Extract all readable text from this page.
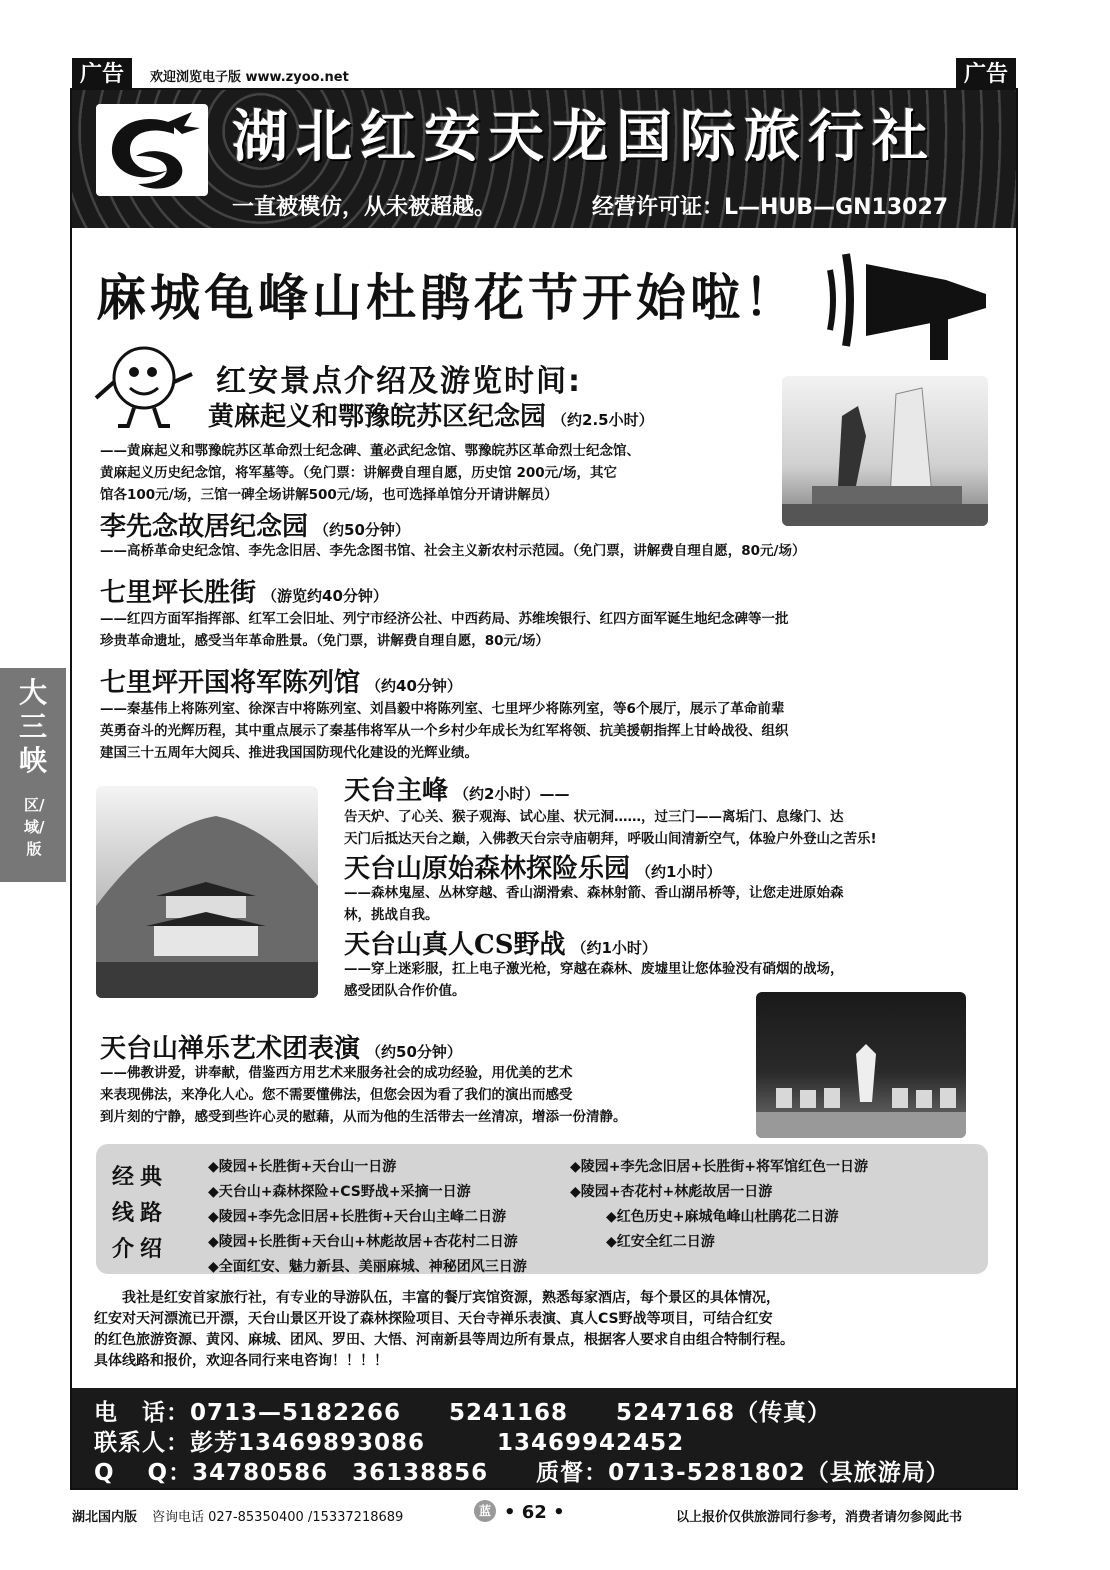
广告	欢迎浏览电子版 www.zyoo.net	广告
湖北红安天龙国际旅行社
一直被模仿，从未被超越。	经营许可证：L—HUB—GN13027
麻城龟峰山杜鹃花节开始啦！
红安景点介绍及游览时间:
黄麻起义和鄂豫皖苏区纪念园 （约2.5小时）
——黄麻起义和鄂豫皖苏区革命烈士纪念碑、董必武纪念馆、鄂豫皖苏区革命烈士纪念馆、
黄麻起义历史纪念馆，将军墓等。（免门票：讲解费自理自愿，历史馆 200元/场，其它
馆各100元/场，三馆一碑全场讲解500元/场，也可选择单馆分开请讲解员）
李先念故居纪念园 （约50分钟）
——高桥革命史纪念馆、李先念旧居、李先念图书馆、社会主义新农村示范园。（免门票，讲解费自理自愿，80元/场）
七里坪长胜街 （游览约40分钟）
——红四方面军指挥部、红军工会旧址、列宁市经济公社、中西药局、苏维埃银行、红四方面军诞生地纪念碑等一批
珍贵革命遗址，感受当年革命胜景。（免门票，讲解费自理自愿，80元/场）
七里坪开国将军陈列馆 （约40分钟）
——秦基伟上将陈列室、徐深吉中将陈列室、刘昌毅中将陈列室、七里坪少将陈列室，等6个展厅，展示了革命前辈
英勇奋斗的光辉历程，其中重点展示了秦基伟将军从一个乡村少年成长为红军将领、抗美援朝指挥上甘岭战役、组织
建国三十五周年大阅兵、推进我国国防现代化建设的光辉业绩。
天台主峰 （约2小时）——
告天炉、了心关、猴子观海、试心崖、状元洞……，过三门——离垢门、息缘门、达
天门后抵达天台之巅，入佛教天台宗寺庙朝拜，呼吸山间清新空气，体验户外登山之苦乐!
天台山原始森林探险乐园 （约1小时）
——森林鬼屋、丛林穿越、香山湖滑索、森林射箭、香山湖吊桥等，让您走进原始森
林，挑战自我。
天台山真人CS野战 （约1小时）
——穿上迷彩服，扛上电子激光枪，穿越在森林、废墟里让您体验没有硝烟的战场，
感受团队合作价值。
天台山禅乐艺术团表演 （约50分钟）
——佛教讲爱，讲奉献，借鉴西方用艺术来服务社会的成功经验，用优美的艺术
来表现佛法，来净化人心。您不需要懂佛法，但您会因为看了我们的演出而感受
到片刻的宁静，感受到些许心灵的慰藉，从而为他的生活带去一丝清凉，增添一份清静。
经典
线路
介绍
◆陵园+长胜街+天台山一日游	◆陵园+李先念旧居+长胜街+将军馆红色一日游
◆天台山+森林探险+CS野战+采摘一日游	◆陵园+杏花村+林彪故居一日游
◆陵园+李先念旧居+长胜街+天台山主峰二日游	◆红色历史+麻城龟峰山杜鹃花二日游
◆陵园+长胜街+天台山+林彪故居+杏花村二日游	◆红安全红二日游
◆全面红安、魅力新县、美丽麻城、神秘团风三日游
　　我社是红安首家旅行社，有专业的导游队伍，丰富的餐厅宾馆资源，熟悉每家酒店，每个景区的具体情况，
红安对天河漂流已开漂，天台山景区开设了森林探险项目、天台寺禅乐表演、真人CS野战等项目，可结合红安
的红色旅游资源、黄冈、麻城、团风、罗田、大悟、河南新县等周边所有景点，根据客人要求自由组合特制行程。
具体线路和报价，欢迎各同行来电咨询！！！！
电　话：0713—5182266　　5241168　　5247168（传真）
联系人：彭芳13469893086　　　13469942452
Q　 Q：34780586　36138856　　质督：0713-5281802（县旅游局）
湖北国内版 咨询电话 027-85350400 /15337218689	蓝 • 62 •	以上报价仅供旅游同行参考，消费者请勿参阅此书
大三峡
区/域/版
